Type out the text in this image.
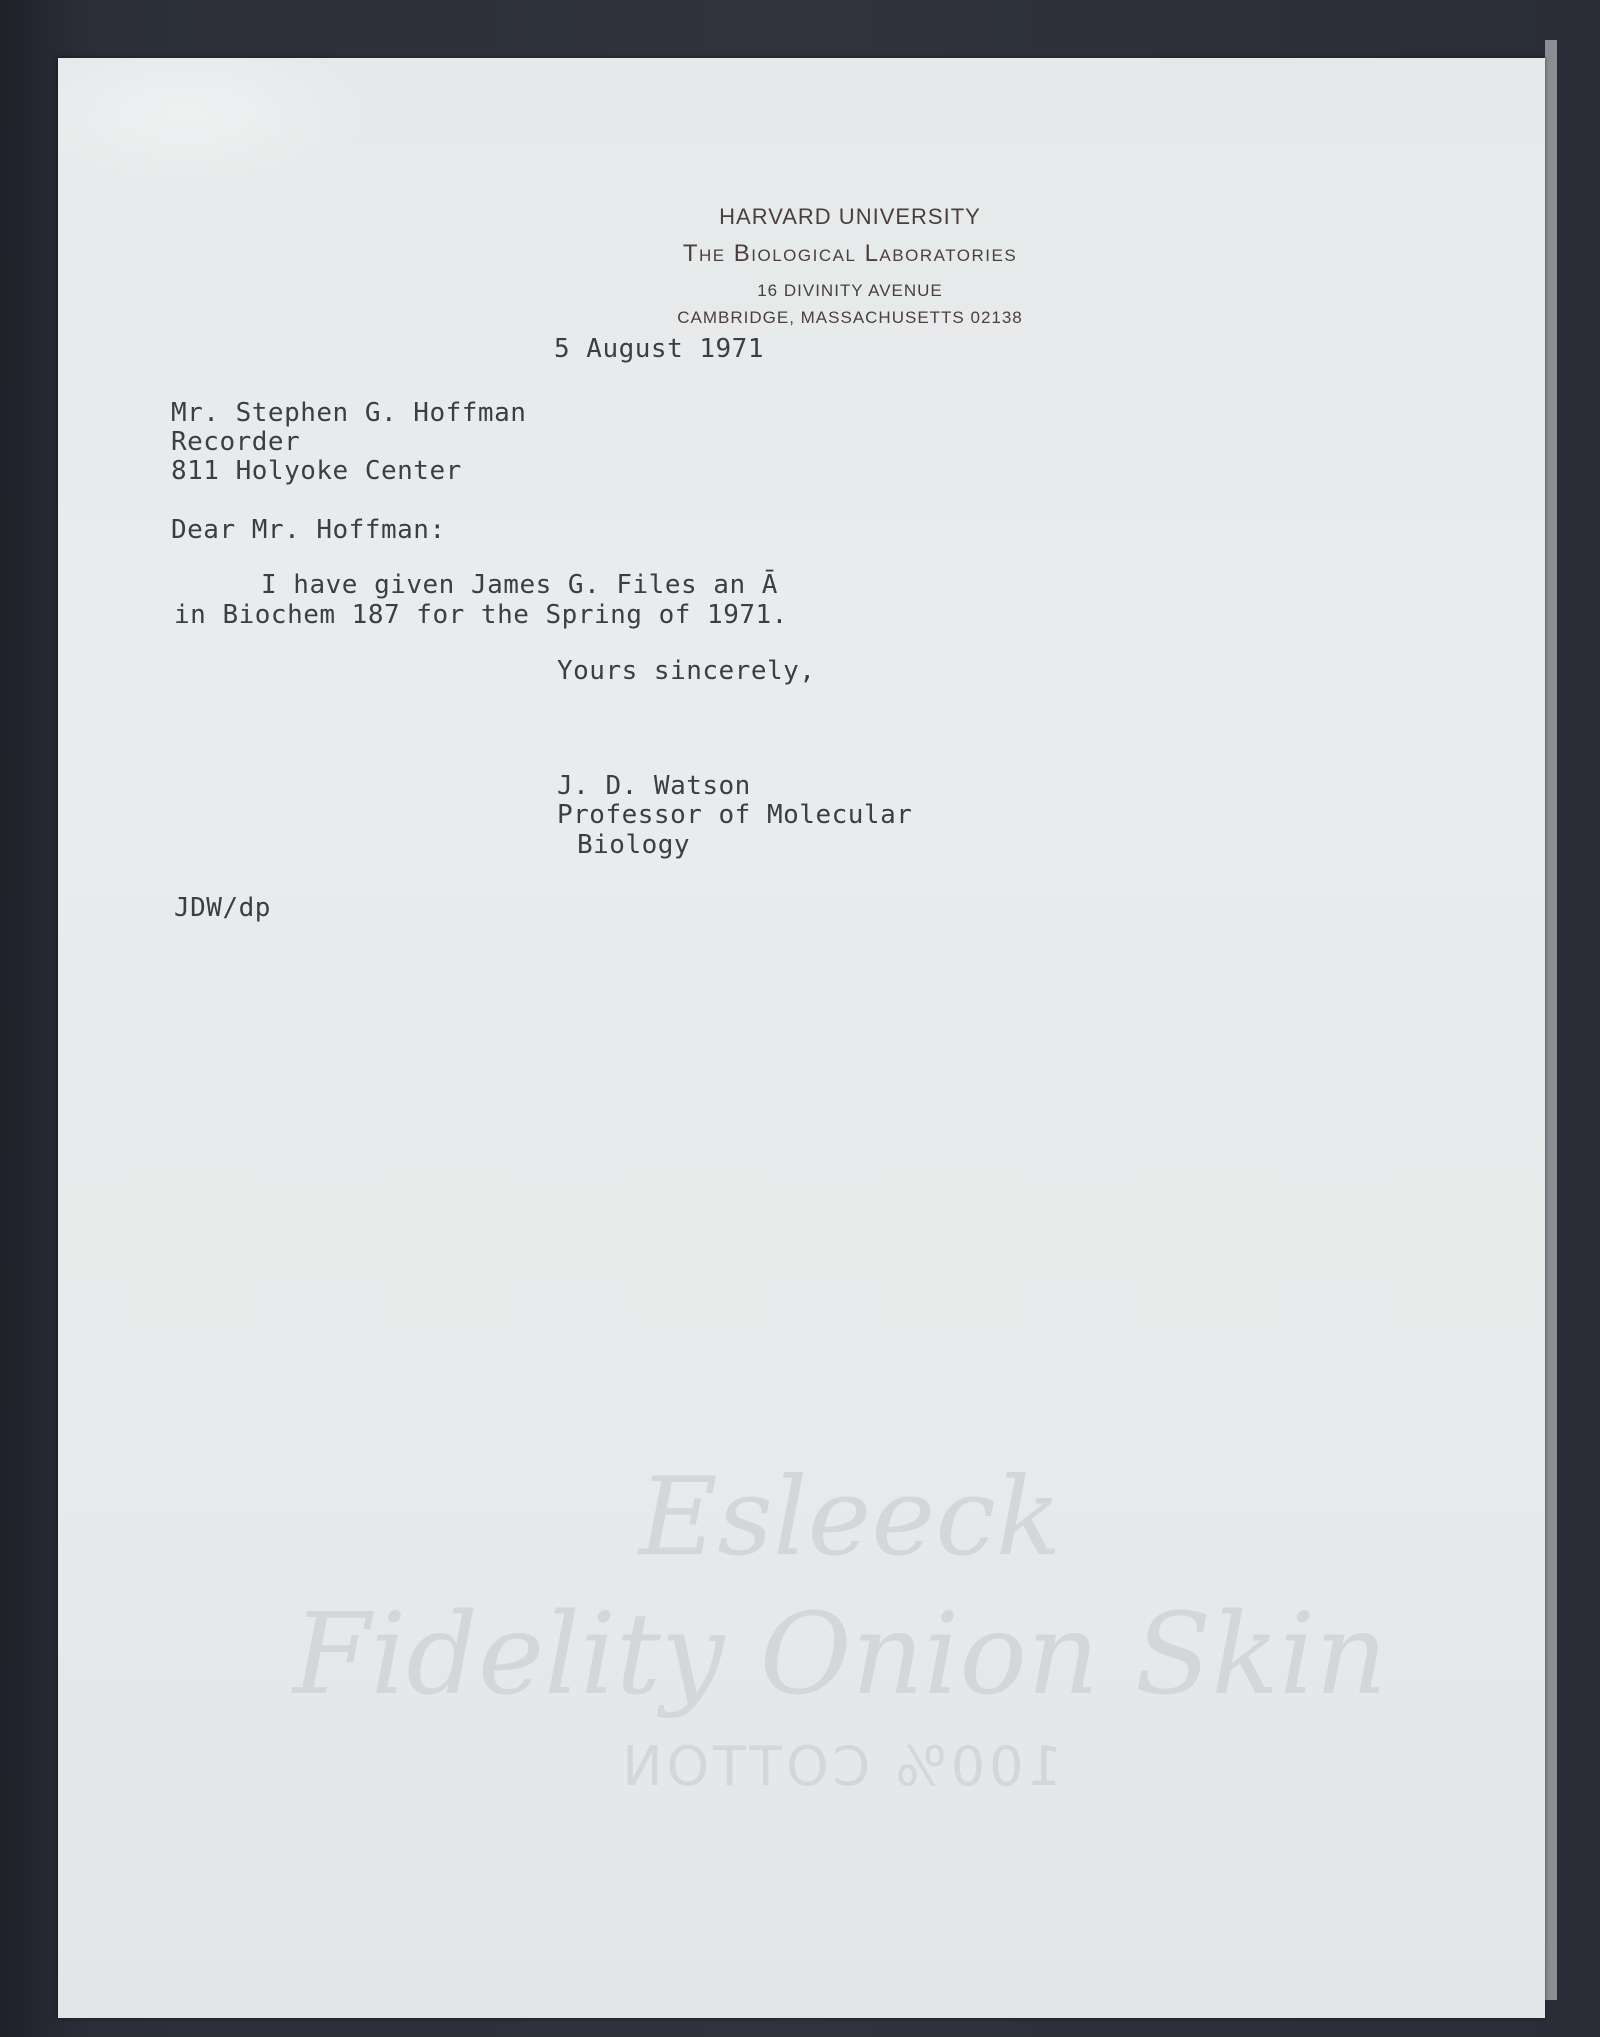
HARVARD UNIVERSITY
The Biological Laboratories
16 DIVINITY AVENUE
CAMBRIDGE, MASSACHUSETTS 02138
5 August 1971
Mr. Stephen G. Hoffman
Recorder
811 Holyoke Center
Dear Mr. Hoffman:
I have given James G. Files an Ā
in Biochem 187 for the Spring of 1971.
Yours sincerely,
J. D. Watson
Professor of Molecular
Biology
JDW/dp
Esleeck
Fidelity Onion Skin
100% COTTON
